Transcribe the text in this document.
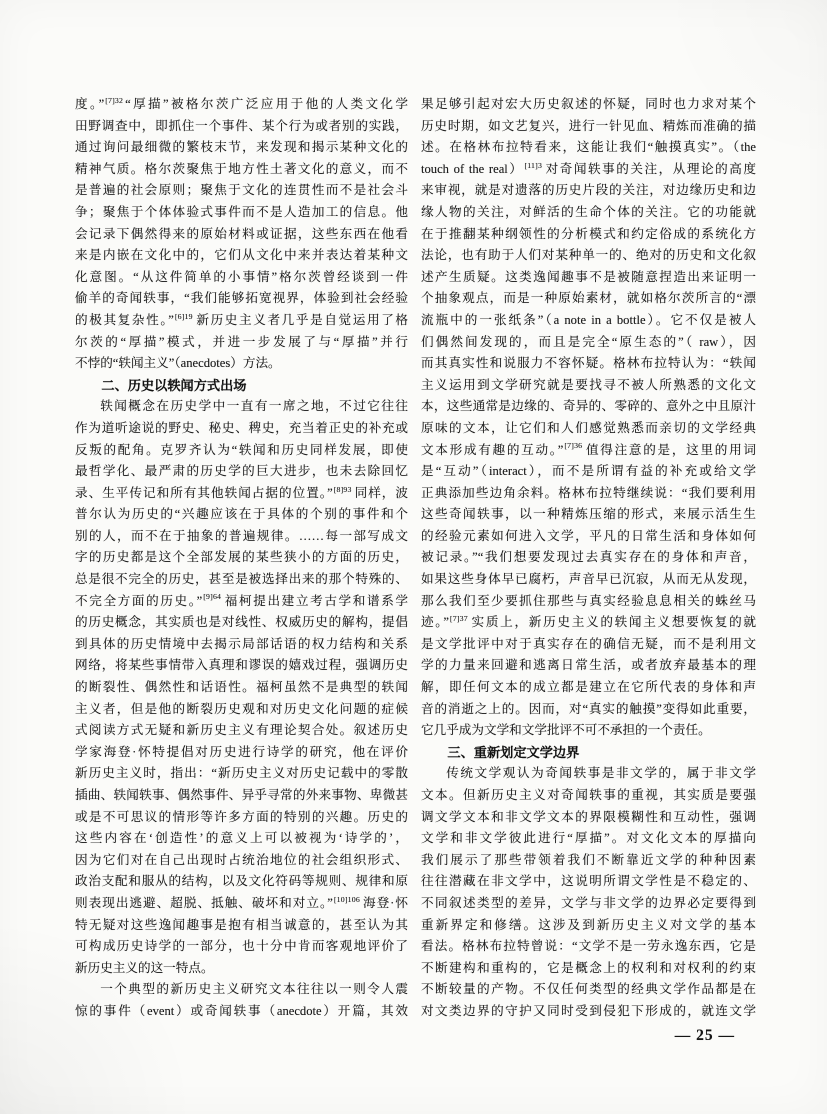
度。”$^{[7]32}$ “厚描”被格尔茨广泛应用于他的人类文化学
田野调查中，即抓住一个事件、某个行为或者别的实践，
通过询问最细微的繁枝末节，来发现和揭示某种文化的
精神气质。格尔茨聚焦于地方性土著文化的意义，而不
是普遍的社会原则；聚焦于文化的连贯性而不是社会斗
争；聚焦于个体体验式事件而不是人造加工的信息。他
会记录下偶然得来的原始材料或证据，这些东西在他看
来是内嵌在文化中的，它们从文化中来并表达着某种文
化意图。“从这件简单的小事情”格尔茨曾经谈到一件
偷羊的奇闻轶事，“我们能够拓宽视界，体验到社会经验
的极其复杂性。”$^{[6]19}$ 新历史主义者几乎是自觉运用了格
尔茨的“厚描”模式，并进一步发展了与“厚描”并行
不悖的“轶闻主义”（anecdotes）方法。
二、历史以轶闻方式出场
轶闻概念在历史学中一直有一席之地，不过它往往
作为道听途说的野史、秘史、稗史，充当着正史的补充或
反叛的配角。克罗齐认为“轶闻和历史同样发展，即使
最哲学化、最严肃的历史学的巨大进步，也未去除回忆
录、生平传记和所有其他轶闻占据的位置。”$^{[8]93}$ 同样，波
普尔认为历史的“兴趣应该在于具体的个别的事件和个
别的人，而不在于抽象的普遍规律。……每一部写成文
字的历史都是这个全部发展的某些狭小的方面的历史，
总是很不完全的历史，甚至是被选择出来的那个特殊的、
不完全方面的历史。”$^{[9]64}$ 福柯提出建立考古学和谱系学
的历史概念，其实质也是对线性、权威历史的解构，提倡
到具体的历史情境中去揭示局部话语的权力结构和关系
网络，将某些事情带入真理和谬误的嬉戏过程，强调历史
的断裂性、偶然性和话语性。福柯虽然不是典型的轶闻
主义者，但是他的断裂历史观和对历史文化问题的症候
式阅读方式无疑和新历史主义有理论契合处。叙述历史
学家海登·怀特提倡对历史进行诗学的研究，他在评价
新历史主义时，指出：“新历史主义对历史记载中的零散
插曲、轶闻轶事、偶然事件、异乎寻常的外来事物、卑微甚
或是不可思议的情形等许多方面的特别的兴趣。历史的
这些内容在‘创造性’的意义上可以被视为‘诗学的’，
因为它们对在自己出现时占统治地位的社会组织形式、
政治支配和服从的结构，以及文化符码等规则、规律和原
则表现出逃避、超脱、抵触、破坏和对立。”$^{[10]106}$ 海登·怀
特无疑对这些逸闻趣事是抱有相当诚意的，甚至认为其
可构成历史诗学的一部分，也十分中肯而客观地评价了
新历史主义的这一特点。
一个典型的新历史主义研究文本往往以一则令人震
惊的事件（event）或奇闻轶事（anecdote）开篇，其效
果足够引起对宏大历史叙述的怀疑，同时也力求对某个
历史时期，如文艺复兴，进行一针见血、精炼而准确的描
述。在格林布拉特看来，这能让我们“触摸真实”。（the
touch of the real）$^{[11]3}$ 对奇闻轶事的关注，从理论的高度
来审视，就是对遗落的历史片段的关注，对边缘历史和边
缘人物的关注，对鲜活的生命个体的关注。它的功能就
在于推翻某种纲领性的分析模式和约定俗成的系统化方
法论，也有助于人们对某种单一的、绝对的历史和文化叙
述产生质疑。这类逸闻趣事不是被随意捏造出来证明一
个抽象观点，而是一种原始素材，就如格尔茨所言的“漂
流瓶中的一张纸条”（a note in a bottle）。它不仅是被人
们偶然间发现的，而且是完全“原生态的”（ raw），因
而其真实性和说服力不容怀疑。格林布拉特认为：“轶闻
主义运用到文学研究就是要找寻不被人所熟悉的文化文
本，这些通常是边缘的、奇异的、零碎的、意外之中且原汁
原味的文本，让它们和人们感觉熟悉而亲切的文学经典
文本形成有趣的互动。”$^{[7]36}$ 值得注意的是，这里的用词
是“互动”（interact），而不是所谓有益的补充或给文学
正典添加些边角余料。格林布拉特继续说：“我们要利用
这些奇闻轶事，以一种精炼压缩的形式，来展示活生生
的经验元素如何进入文学，平凡的日常生活和身体如何
被记录。”“我们想要发现过去真实存在的身体和声音，
如果这些身体早已腐朽，声音早已沉寂，从而无从发现，
那么我们至少要抓住那些与真实经验息息相关的蛛丝马
迹。”$^{[7]37}$ 实质上，新历史主义的轶闻主义想要恢复的就
是文学批评中对于真实存在的确信无疑，而不是利用文
学的力量来回避和逃离日常生活，或者放弃最基本的理
解，即任何文本的成立都是建立在它所代表的身体和声
音的消逝之上的。因而，对“真实的触摸”变得如此重要，
它几乎成为文学和文学批评不可不承担的一个责任。
三、重新划定文学边界
传统文学观认为奇闻轶事是非文学的，属于非文学
文本。但新历史主义对奇闻轶事的重视，其实质是要强
调文学文本和非文学文本的界限模糊性和互动性，强调
文学和非文学彼此进行“厚描”。对文化文本的厚描向
我们展示了那些带领着我们不断靠近文学的种种因素
往往潜藏在非文学中，这说明所谓文学性是不稳定的、
不同叙述类型的差异，文学与非文学的边界必定要得到
重新界定和修缮。这涉及到新历史主义对文学的基本
看法。格林布拉特曾说：“文学不是一劳永逸东西，它是
不断建构和重构的，它是概念上的权利和对权利的约束
不断较量的产物。不仅任何类型的经典文学作品都是在
对文类边界的守护又同时受到侵犯下形成的，就连文学
— 25 —
